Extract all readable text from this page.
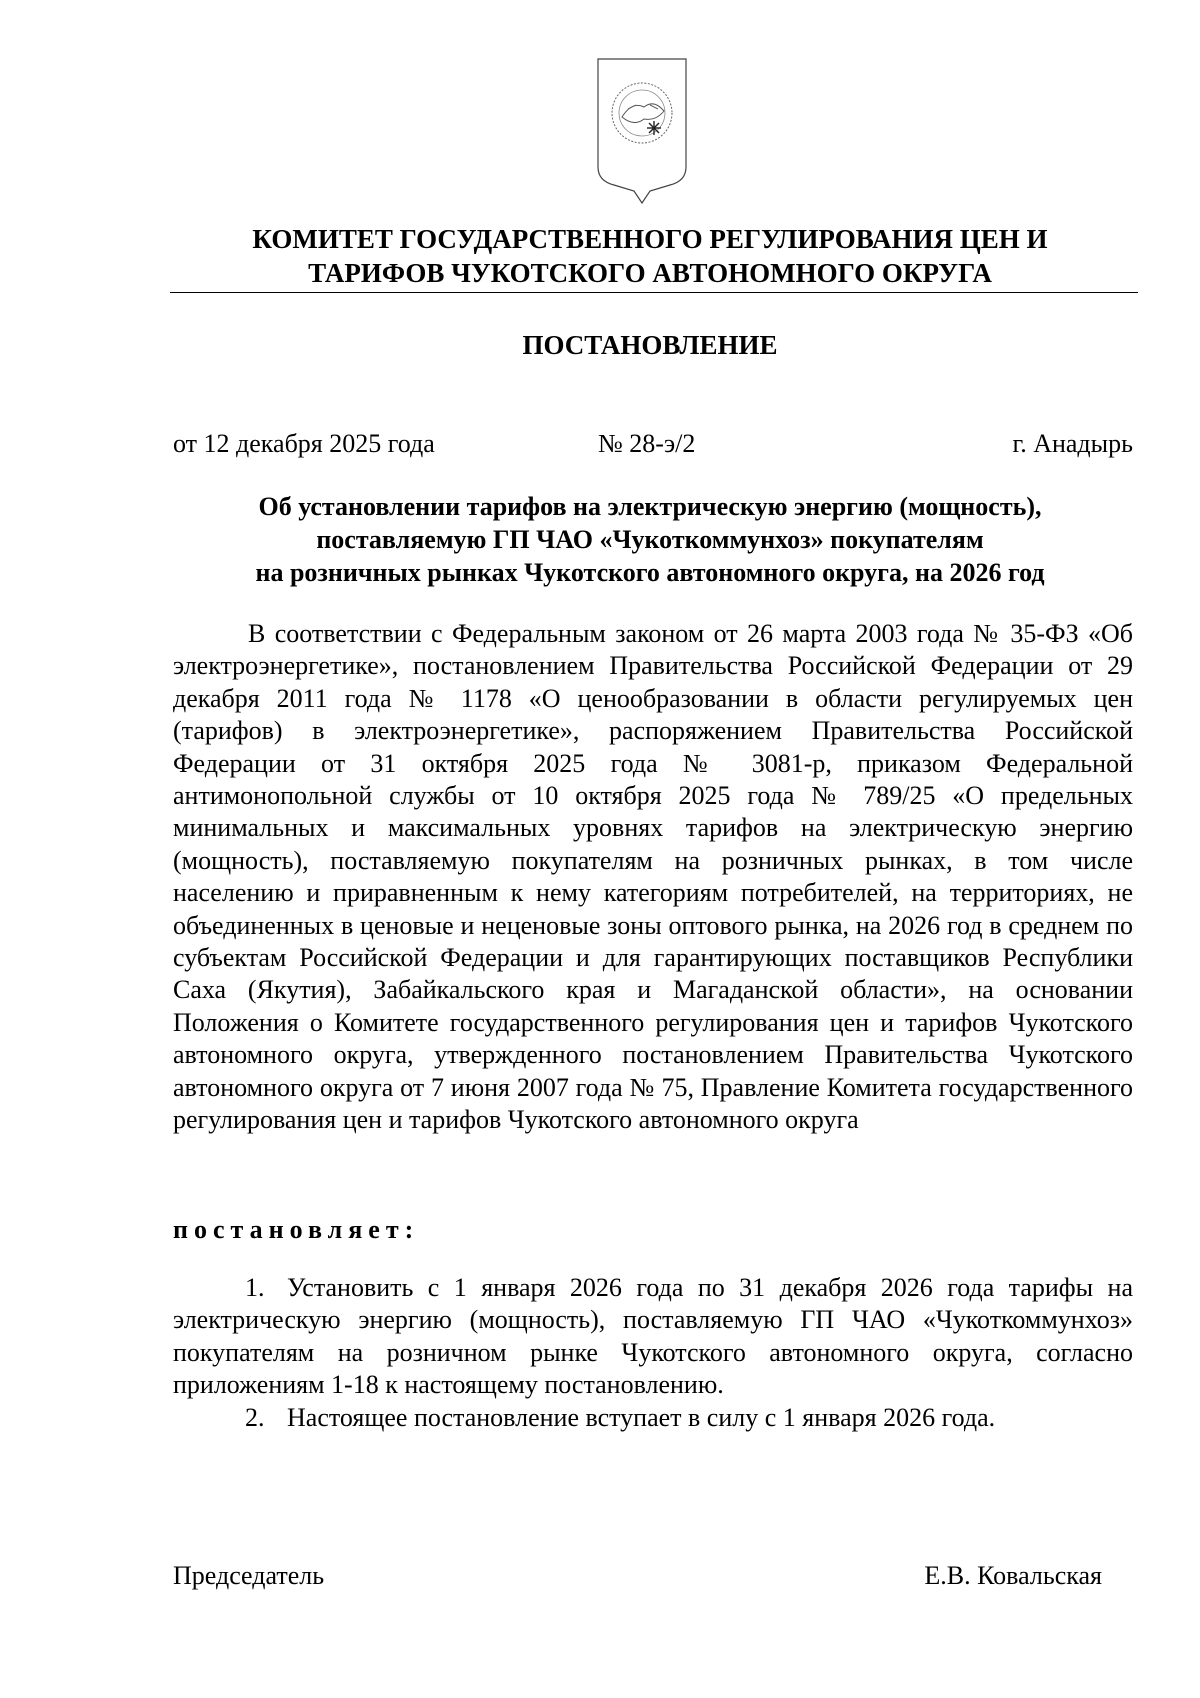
КОМИТЕТ ГОСУДАРСТВЕННОГО РЕГУЛИРОВАНИЯ ЦЕН И
ТАРИФОВ ЧУКОТСКОГО АВТОНОМНОГО ОКРУГА
ПОСТАНОВЛЕНИЕ
от 12 декабря 2025 года	№ 28-э/2	г. Анадырь
Об установлении тарифов на электрическую энергию (мощность),
поставляемую ГП ЧАО «Чукоткоммунхоз» покупателям
на розничных рынках Чукотского автономного округа, на 2026 год

В соответствии с Федеральным законом от 26 марта 2003 года № 35-ФЗ «Об электроэнергетике», постановлением Правительства Российской Федерации от 29 декабря 2011 года № 1178 «О ценообразовании в области регулируемых цен (тарифов) в электроэнергетике», распоряжением Правительства Российской Федерации от 31 октября 2025 года № 3081-р, приказом Федеральной антимонопольной службы от 10 октября 2025 года № 789/25 «О предельных минимальных и максимальных уровнях тарифов на электрическую энергию (мощность), поставляемую покупателям на розничных рынках, в том числе населению и приравненным к нему категориям потребителей, на территориях, не объединенных в ценовые и неценовые зоны оптового рынка, на 2026 год в среднем по субъектам Российской Федерации и для гарантирующих поставщиков Республики Саха (Якутия), Забайкальского края и Магаданской области», на основании Положения о Комитете государственного регулирования цен и тарифов Чукотского автономного округа, утвержденного постановлением Правительства Чукотского автономного округа от 7 июня 2007 года № 75, Правление Комитета государственного регулирования цен и тарифов Чукотского автономного округа

постановляет:

1. Установить с 1 января 2026 года по 31 декабря 2026 года тарифы на электрическую энергию (мощность), поставляемую ГП ЧАО «Чукоткоммунхоз» покупателям на розничном рынке Чукотского автономного округа, согласно приложениям 1-18 к настоящему постановлению.
2. Настоящее постановление вступает в силу с 1 января 2026 года.
Председатель	Е.В. Ковальская
